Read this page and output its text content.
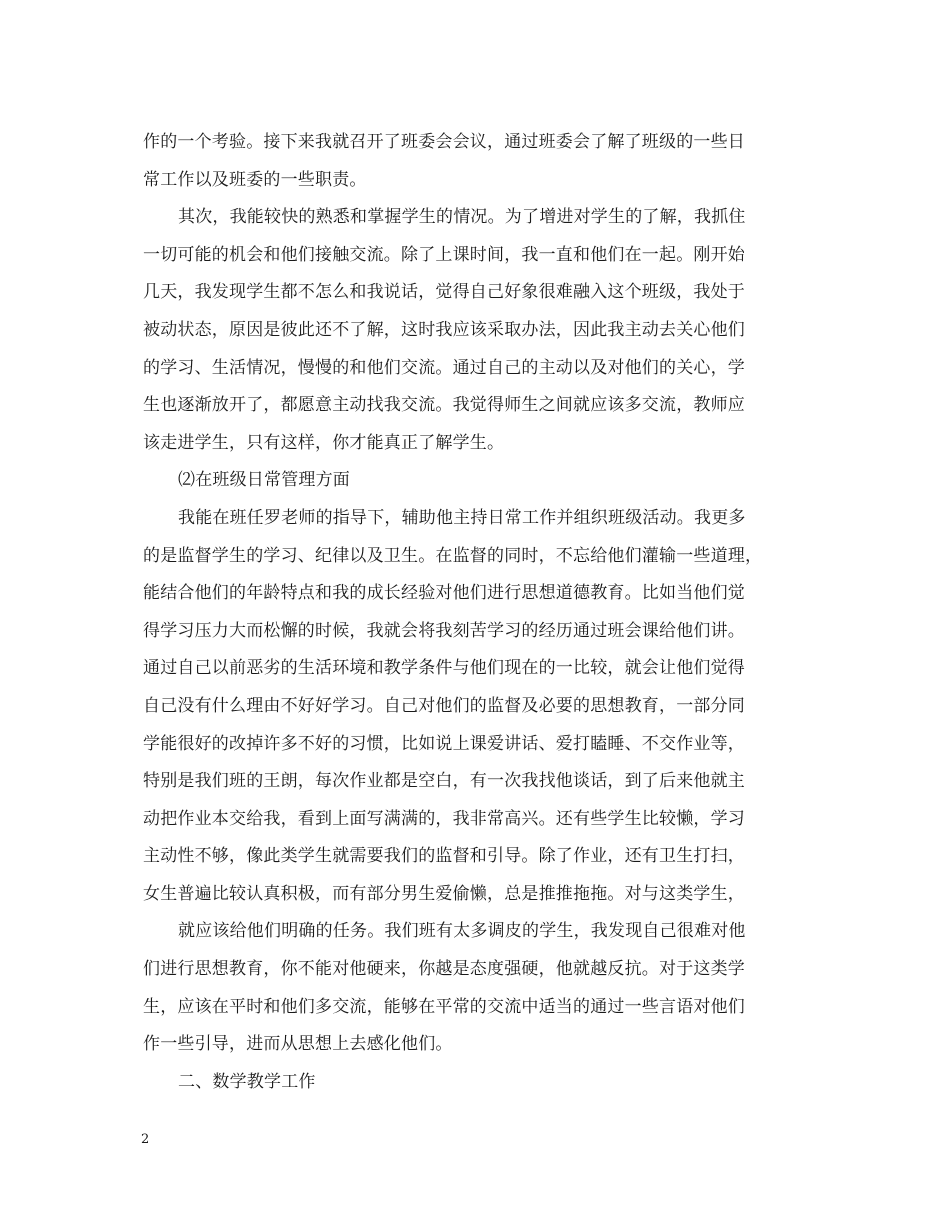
作的一个考验。接下来我就召开了班委会会议，通过班委会了解了班级的一些日
常工作以及班委的一些职责。
其次，我能较快的熟悉和掌握学生的情况。为了增进对学生的了解，我抓住
一切可能的机会和他们接触交流。除了上课时间，我一直和他们在一起。刚开始
几天，我发现学生都不怎么和我说话，觉得自己好象很难融入这个班级，我处于
被动状态，原因是彼此还不了解，这时我应该采取办法，因此我主动去关心他们
的学习、生活情况，慢慢的和他们交流。通过自己的主动以及对他们的关心，学
生也逐渐放开了，都愿意主动找我交流。我觉得师生之间就应该多交流，教师应
该走进学生，只有这样，你才能真正了解学生。
⑵在班级日常管理方面
我能在班任罗老师的指导下，辅助他主持日常工作并组织班级活动。我更多
的是监督学生的学习、纪律以及卫生。在监督的同时，不忘给他们灌输一些道理，
能结合他们的年龄特点和我的成长经验对他们进行思想道德教育。比如当他们觉
得学习压力大而松懈的时候，我就会将我刻苦学习的经历通过班会课给他们讲。
通过自己以前恶劣的生活环境和教学条件与他们现在的一比较，就会让他们觉得
自己没有什么理由不好好学习。自己对他们的监督及必要的思想教育，一部分同
学能很好的改掉许多不好的习惯，比如说上课爱讲话、爱打瞌睡、不交作业等，
特别是我们班的王朗，每次作业都是空白，有一次我找他谈话，到了后来他就主
动把作业本交给我，看到上面写满满的，我非常高兴。还有些学生比较懒，学习
主动性不够，像此类学生就需要我们的监督和引导。除了作业，还有卫生打扫，
女生普遍比较认真积极，而有部分男生爱偷懒，总是推推拖拖。对与这类学生，
就应该给他们明确的任务。我们班有太多调皮的学生，我发现自己很难对他
们进行思想教育，你不能对他硬来，你越是态度强硬，他就越反抗。对于这类学
生，应该在平时和他们多交流，能够在平常的交流中适当的通过一些言语对他们
作一些引导，进而从思想上去感化他们。
二、数学教学工作
2
